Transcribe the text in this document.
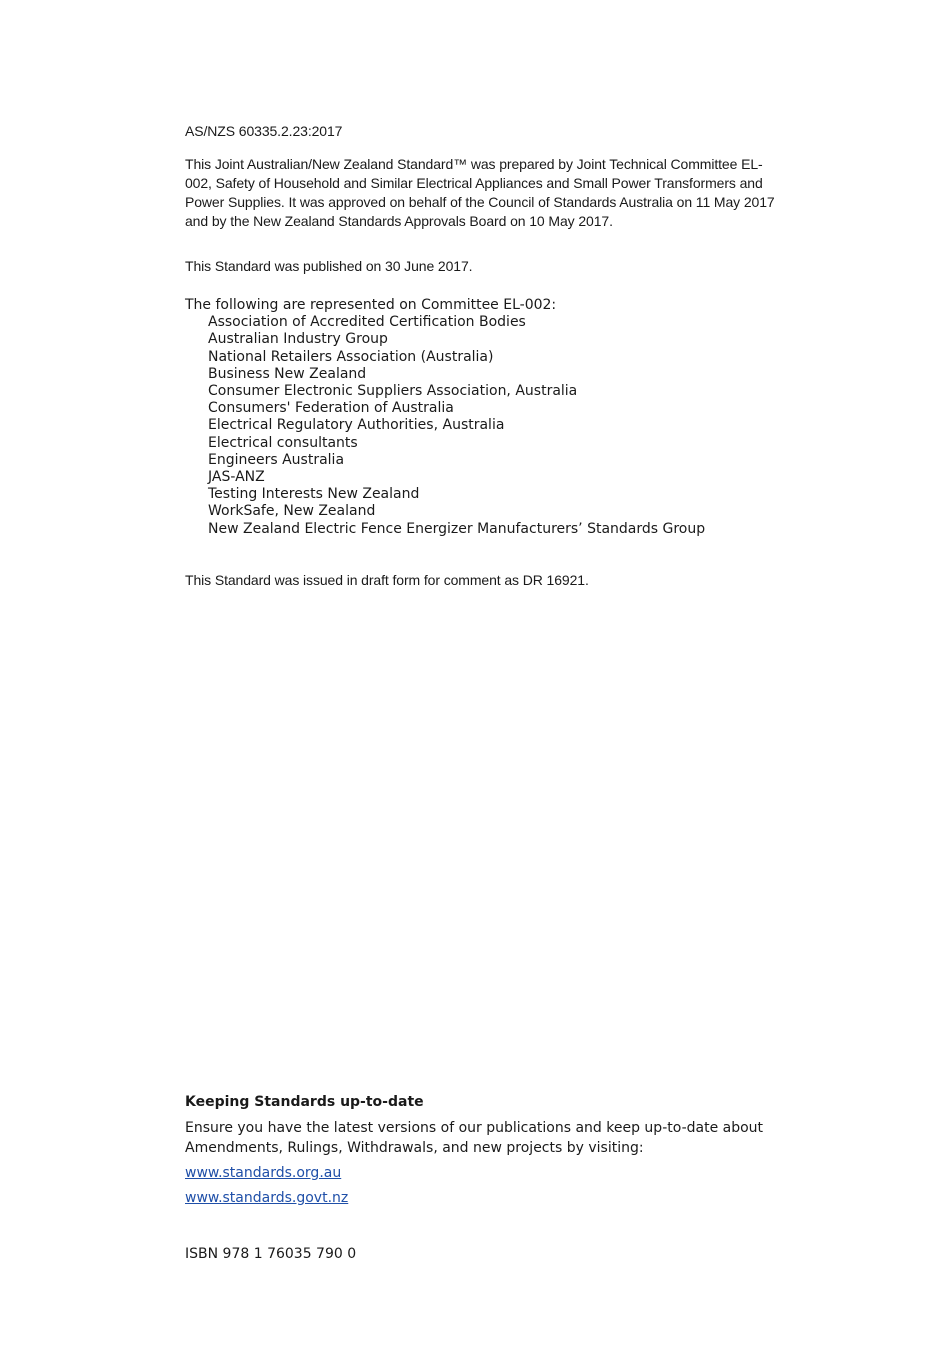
AS/NZS 60335.2.23:2017
This Joint Australian/New Zealand Standard™ was prepared by Joint Technical Committee EL-002, Safety of Household and Similar Electrical Appliances and Small Power Transformers and Power Supplies. It was approved on behalf of the Council of Standards Australia on 11 May 2017 and by the New Zealand Standards Approvals Board on 10 May 2017.
This Standard was published on 30 June 2017.
The following are represented on Committee EL-002:
Association of Accredited Certification Bodies
Australian Industry Group
National Retailers Association (Australia)
Business New Zealand
Consumer Electronic Suppliers Association, Australia
Consumers' Federation of Australia
Electrical Regulatory Authorities, Australia
Electrical consultants
Engineers Australia
JAS-ANZ
Testing Interests New Zealand
WorkSafe, New Zealand
New Zealand Electric Fence Energizer Manufacturers’ Standards Group
This Standard was issued in draft form for comment as DR 16921.
Keeping Standards up-to-date
Ensure you have the latest versions of our publications and keep up-to-date about Amendments, Rulings, Withdrawals, and new projects by visiting:
www.standards.org.au
www.standards.govt.nz
ISBN 978 1 76035 790 0
